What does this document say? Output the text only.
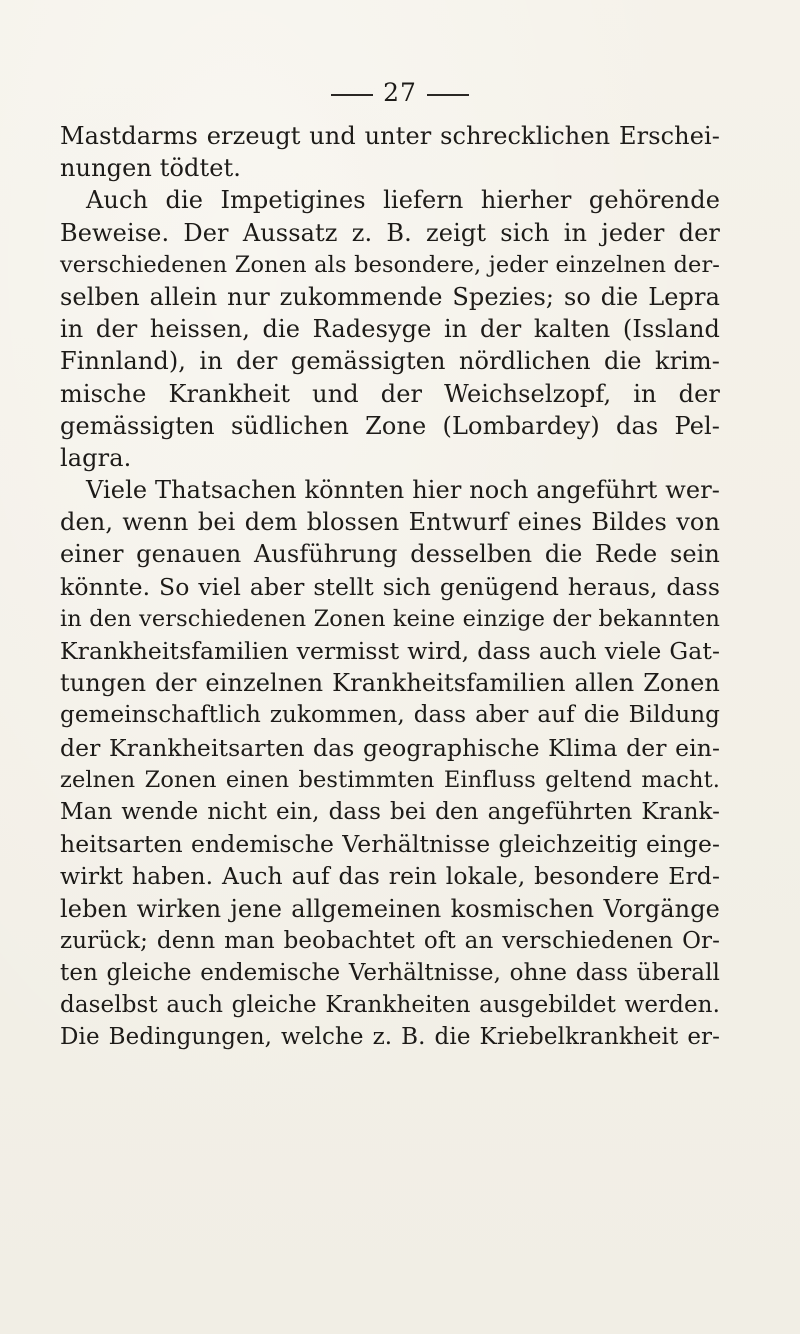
27
Mastdarms erzeugt und unter schrecklichen Erschei-
nungen tödtet.
Auch die Impetigines liefern hierher gehörende
Beweise. Der Aussatz z. B. zeigt sich in jeder der
verschiedenen Zonen als besondere, jeder einzelnen der-
selben allein nur zukommende Spezies; so die Lepra
in der heissen, die Radesyge in der kalten (Issland
Finnland), in der gemässigten nördlichen die krim-
mische Krankheit und der Weichselzopf, in der
gemässigten südlichen Zone (Lombardey) das Pel-
lagra.
Viele Thatsachen könnten hier noch angeführt wer-
den, wenn bei dem blossen Entwurf eines Bildes von
einer genauen Ausführung desselben die Rede sein
könnte. So viel aber stellt sich genügend heraus, dass
in den verschiedenen Zonen keine einzige der bekannten
Krankheitsfamilien vermisst wird, dass auch viele Gat-
tungen der einzelnen Krankheitsfamilien allen Zonen
gemeinschaftlich zukommen, dass aber auf die Bildung
der Krankheitsarten das geographische Klima der ein-
zelnen Zonen einen bestimmten Einfluss geltend macht.
Man wende nicht ein, dass bei den angeführten Krank-
heitsarten endemische Verhältnisse gleichzeitig einge-
wirkt haben. Auch auf das rein lokale, besondere Erd-
leben wirken jene allgemeinen kosmischen Vorgänge
zurück; denn man beobachtet oft an verschiedenen Or-
ten gleiche endemische Verhältnisse, ohne dass überall
daselbst auch gleiche Krankheiten ausgebildet werden.
Die Bedingungen, welche z. B. die Kriebelkrankheit er-
